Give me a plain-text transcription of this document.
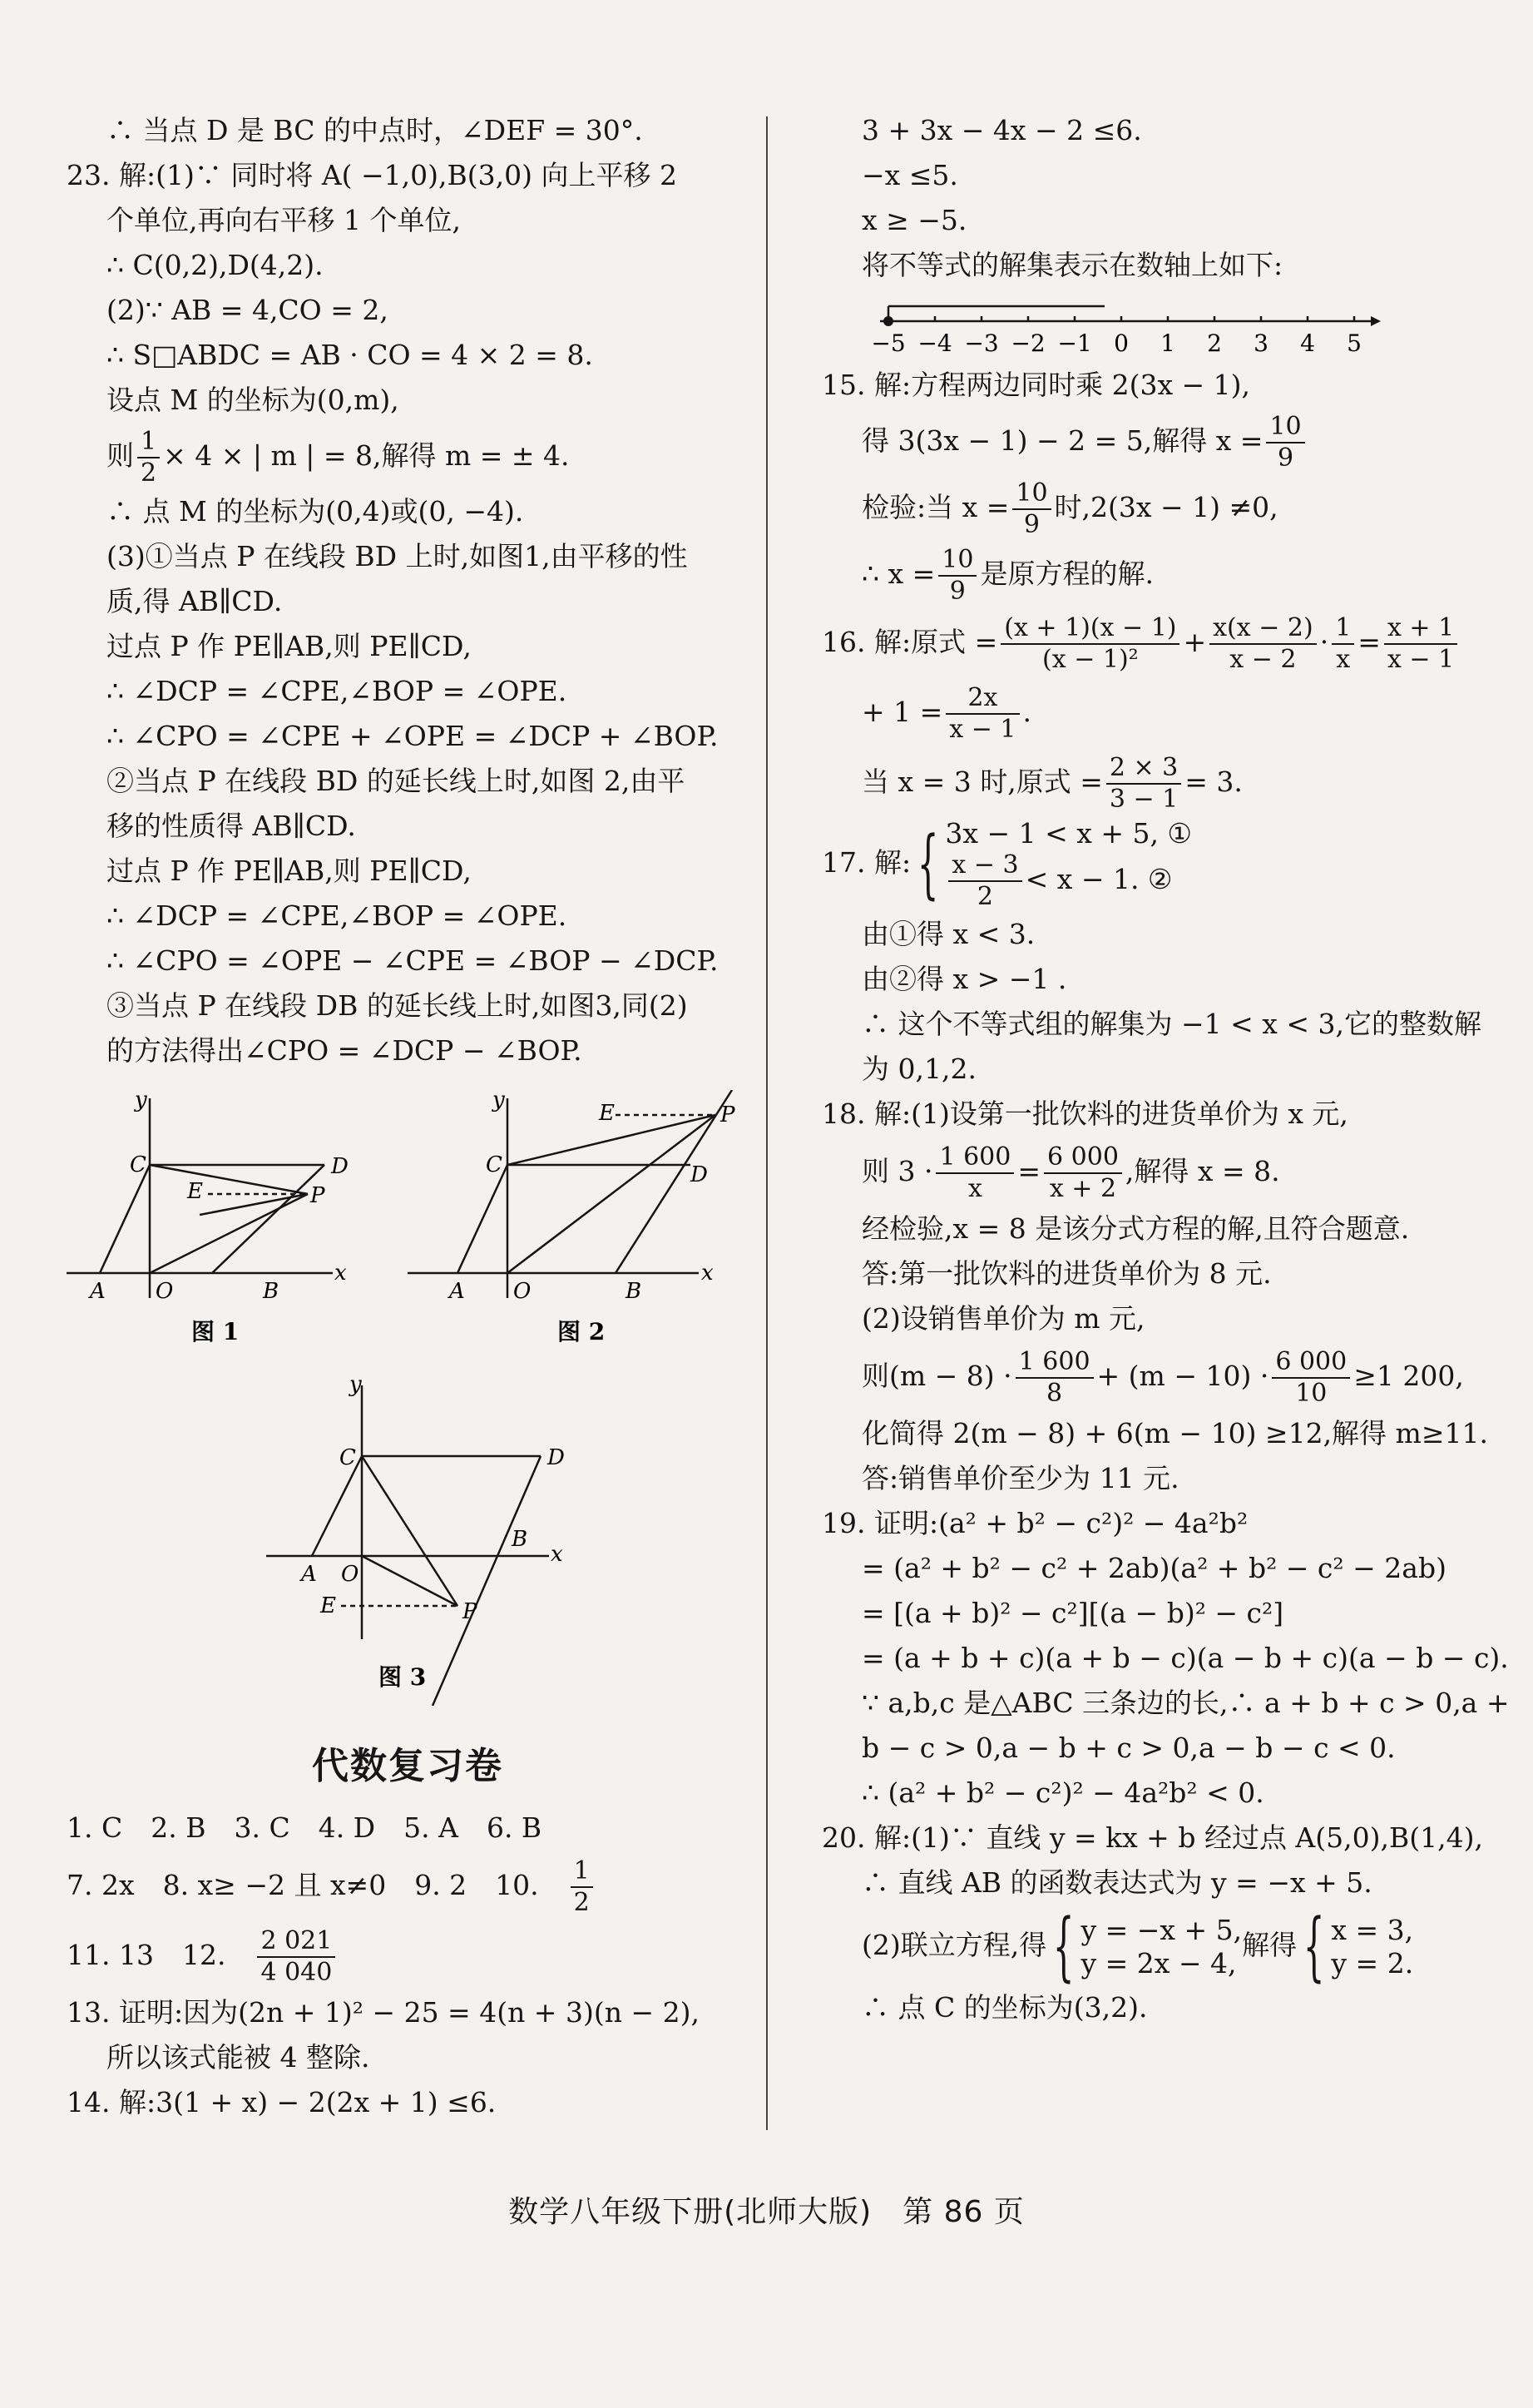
∴ 当点 D 是 BC 的中点时，∠DEF = 30°.
23. 解:(1)∵ 同时将 A( −1,0),B(3,0) 向上平移 2
个单位,再向右平移 1 个单位,
∴ C(0,2),D(4,2).
(2)∵ AB = 4,CO = 2,
∴ S□ABDC = AB · CO = 4 × 2 = 8.
设点 M 的坐标为(0,m),
则 $\frac{1}{2} \times 4$ × | m | = 8,解得 m = ± 4.
∴ 点 M 的坐标为(0,4)或(0, −4).
(3)①当点 P 在线段 BD 上时,如图1,由平移的性
质,得 AB∥CD.
过点 P 作 PE∥AB,则 PE∥CD,
∴ ∠DCP = ∠CPE,∠BOP = ∠OPE.
∴ ∠CPO = ∠CPE + ∠OPE = ∠DCP + ∠BOP.
②当点 P 在线段 BD 的延长线上时,如图 2,由平
移的性质得 AB∥CD.
过点 P 作 PE∥AB,则 PE∥CD,
∴ ∠DCP = ∠CPE,∠BOP = ∠OPE.
∴ ∠CPO = ∠OPE − ∠CPE = ∠BOP − ∠DCP.
③当点 P 在线段 DB 的延长线上时,如图3,同(2)
的方法得出∠CPO = ∠DCP − ∠BOP.
y
x
C	D
E	P
A O	B
图 1
y
x
C	D
E	P
A O	B
图 2
y
x
C	D
B
A O
E	P
图 3
代数复习卷
1. C 2. B 3. C 4. D 5. A 6. B
7. 2x 8. x≥ −2 且 x≠0 9. 2 10. $\frac{1}{2}$
11. 13 12. $\frac{2 021}{4 040}$
13. 证明:因为(2n + 1)² − 25 = 4(n + 3)(n − 2),
所以该式能被 4 整除.
14. 解:3(1 + x) − 2(2x + 1) ≤6.
3 + 3x − 4x − 2 ≤6.
−x ≤5.
x ≥ −5.
将不等式的解集表示在数轴上如下:
−5 −4 −3 −2 −1 0 1 2 3 4 5
15. 解:方程两边同时乘 2(3x − 1),
得 3(3x − 1) − 2 = 5,解得 $x = \frac{10}{9}$
检验:当 $x = \frac{10}{9}$ 时,2(3x − 1) ≠0,
∴ $x = \frac{10}{9}$ 是原方程的解.
16. 解:原式 = $\frac{(x + 1)(x - 1)}{\text{(x − 1)²}} + \frac{x(x - 2)}{x - 2} \cdot \frac{1}{x} = \frac{x + 1}{x - 1}$
+ $1 = \frac{2x}{x - 1}$ .
当 x = 3 时,原式 = $\frac{2 \times 3}{3 - 1} = 3$.
17. 解:{ 3x − 1 < x + 5, ①
$\frac{x - 3}{2} < x - 1$. ②
由①得 x < 3.
由②得 x > −1 .
∴ 这个不等式组的解集为 −1 < x < 3,它的整数解
为 0,1,2.
18. 解:(1)设第一批饮料的进货单价为 x 元,
则 $3 \cdot \frac{1 600}{x} = \frac{6 000}{x + 2}$ ,解得 x = 8.
经检验,x = 8 是该分式方程的解,且符合题意.
答:第一批饮料的进货单价为 8 元.
(2)设销售单价为 m 元,
则$(m - 8) \cdot \frac{1 600}{8} + (m - 10) \cdot \frac{6 000}{10} \ge 1$ 200,
化简得 2(m − 8) + 6(m − 10) ≥12,解得 m≥11.
答:销售单价至少为 11 元.
19. 证明:(a² + b² − c²)² − 4a²b²
= (a² + b² − c² + 2ab)(a² + b² − c² − 2ab)
= [(a + b)² − c²][(a − b)² − c²]
= (a + b + c)(a + b − c)(a − b + c)(a − b − c).
∵ a,b,c 是△ABC 三条边的长,∴ a + b + c > 0,a +
b − c > 0,a − b + c > 0,a − b − c < 0.
∴ (a² + b² − c²)² − 4a²b² < 0.
20. 解:(1)∵ 直线 y = kx + b 经过点 A(5,0),B(1,4),
∴ 直线 AB 的函数表达式为 y = −x + 5.
(2)联立方程,得{ y = −x + 5,
y = 2x − 4,
解得{ x = 3,
y = 2.
∴ 点 C 的坐标为(3,2).
数学八年级下册(北师大版)　第 86 页
